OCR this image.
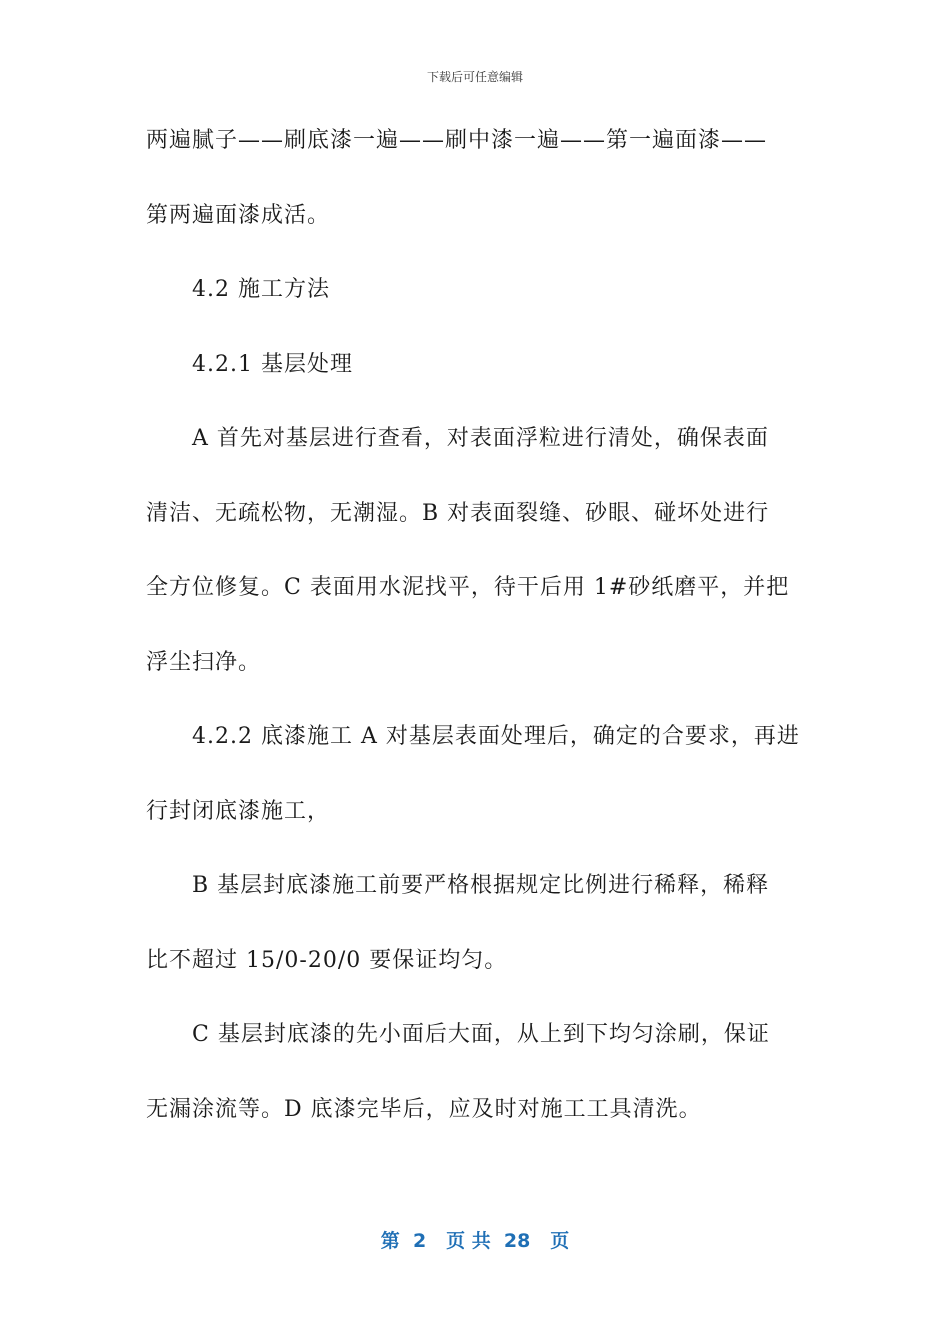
下载后可任意编辑
两遍腻子——刷底漆一遍——刷中漆一遍——第一遍面漆——
第两遍面漆成活。
4.2 施工方法
4.2.1 基层处理
A 首先对基层进行查看，对表面浮粒进行清处，确保表面
清洁、无疏松物，无潮湿。B 对表面裂缝、砂眼、碰坏处进行
全方位修复。C 表面用水泥找平，待干后用 1#砂纸磨平，并把
浮尘扫净。
4.2.2 底漆施工 A 对基层表面处理后，确定的合要求，再进
行封闭底漆施工，
B 基层封底漆施工前要严格根据规定比例进行稀释，稀释
比不超过 15/0-20/0 要保证均匀。
C 基层封底漆的先小面后大面，从上到下均匀涂刷，保证
无漏涂流等。D 底漆完毕后，应及时对施工工具清洗。
第  2   页 共  28   页
